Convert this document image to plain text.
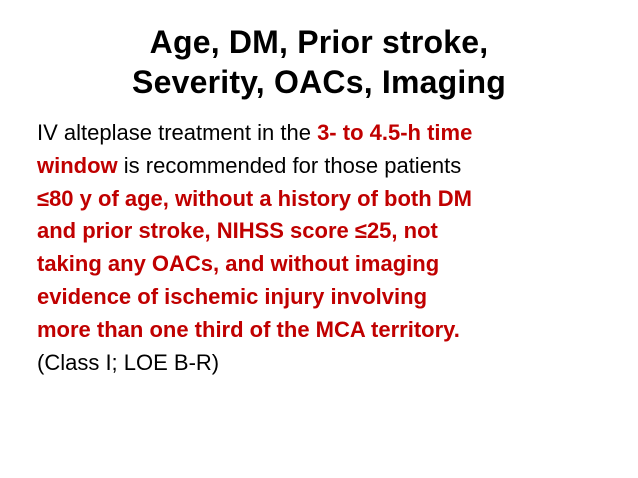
Age, DM, Prior stroke,
Severity, OACs, Imaging
IV alteplase treatment in the 3- to 4.5-h time
window is recommended for those patients
≤80 y of age, without a history of both DM
and prior stroke, NIHSS score ≤25, not
taking any OACs, and without imaging
evidence of ischemic injury involving
more than one third of the MCA territory.
(Class I; LOE B-R)
